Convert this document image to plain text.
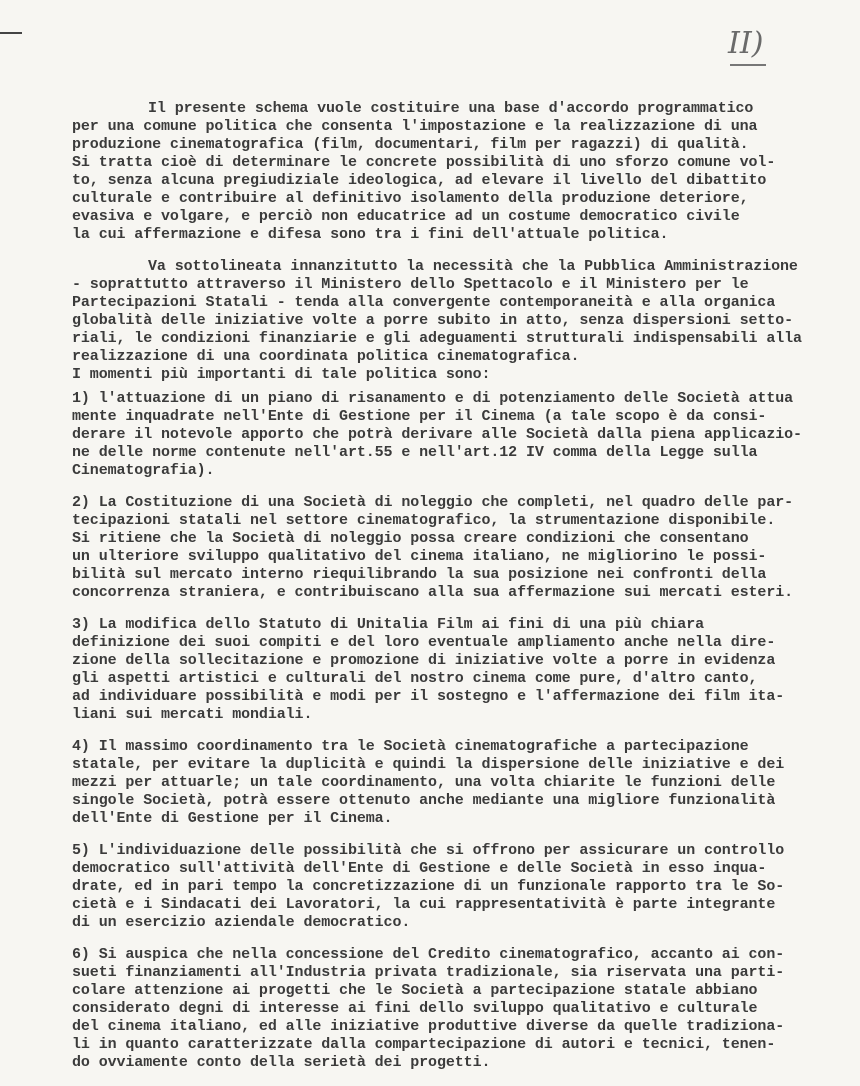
II)
Il presente schema vuole costituire una base d'accordo programmatico
per una comune politica che consenta l'impostazione e la realizzazione di una
produzione cinematografica (film, documentari, film per ragazzi) di qualità.
Si tratta cioè di determinare le concrete possibilità di uno sforzo comune vol-
to, senza alcuna pregiudiziale ideologica, ad elevare il livello del dibattito
culturale e contribuire al definitivo isolamento della produzione deteriore,
evasiva e volgare, e perciò non educatrice ad un costume democratico civile
la cui affermazione e difesa sono tra i fini dell'attuale politica.
Va sottolineata innanzitutto la necessità che la Pubblica Amministrazione
- soprattutto attraverso il Ministero dello Spettacolo e il Ministero per le
Partecipazioni Statali - tenda alla convergente contemporaneità e alla organica
globalità delle iniziative volte a porre subito in atto, senza dispersioni setto-
riali, le condizioni finanziarie e gli adeguamenti strutturali indispensabili alla
realizzazione di una coordinata politica cinematografica.
I momenti più importanti di tale politica sono:
1) l'attuazione di un piano di risanamento e di potenziamento delle Società attua
mente inquadrate nell'Ente di Gestione per il Cinema (a tale scopo è da consi-
derare il notevole apporto che potrà derivare alle Società dalla piena applicazio-
ne delle norme contenute nell'art.55 e nell'art.12 IV comma della Legge sulla
Cinematografia).
2) La Costituzione di una Società di noleggio che completi, nel quadro delle par-
tecipazioni statali nel settore cinematografico, la strumentazione disponibile.
Si ritiene che la Società di noleggio possa creare condizioni che consentano
un ulteriore sviluppo qualitativo del cinema italiano, ne migliorino le possi-
bilità sul mercato interno riequilibrando la sua posizione nei confronti della
concorrenza straniera, e contribuiscano alla sua affermazione sui mercati esteri.
3) La modifica dello Statuto di Unitalia Film ai fini di una più chiara
definizione dei suoi compiti e del loro eventuale ampliamento anche nella dire-
zione della sollecitazione e promozione di iniziative volte a porre in evidenza
gli aspetti artistici e culturali del nostro cinema come pure, d'altro canto,
ad individuare possibilità e modi per il sostegno e l'affermazione dei film ita-
liani sui mercati mondiali.
4) Il massimo coordinamento tra le Società cinematografiche a partecipazione
statale, per evitare la duplicità e quindi la dispersione delle iniziative e dei
mezzi per attuarle; un tale coordinamento, una volta chiarite le funzioni delle
singole Società, potrà essere ottenuto anche mediante una migliore funzionalità
dell'Ente di Gestione per il Cinema.
5) L'individuazione delle possibilità che si offrono per assicurare un controllo
democratico sull'attività dell'Ente di Gestione e delle Società in esso inqua-
drate, ed in pari tempo la concretizzazione di un funzionale rapporto tra le So-
cietà e i Sindacati dei Lavoratori, la cui rappresentatività è parte integrante
di un esercizio aziendale democratico.
6) Si auspica che nella concessione del Credito cinematografico, accanto ai con-
sueti finanziamenti all'Industria privata tradizionale, sia riservata una parti-
colare attenzione ai progetti che le Società a partecipazione statale abbiano
considerato degni di interesse ai fini dello sviluppo qualitativo e culturale
del cinema italiano, ed alle iniziative produttive diverse da quelle tradiziona-
li in quanto caratterizzate dalla compartecipazione di autori e tecnici, tenen-
do ovviamente conto della serietà dei progetti.
